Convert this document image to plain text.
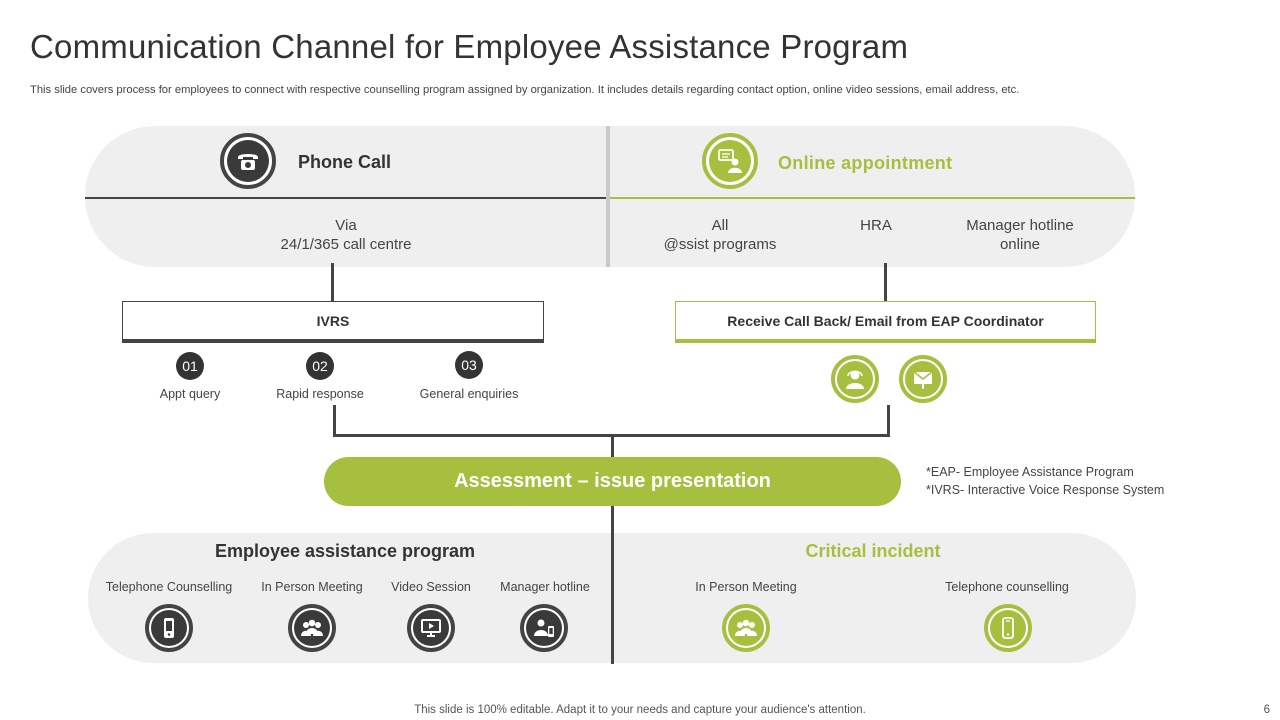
Communication Channel for Employee Assistance Program
This slide covers process for employees to connect with respective counselling program assigned by organization. It includes details regarding contact option, online video sessions, email address, etc.
Phone Call
Via
24/1/365 call centre
Online appointment
All
@ssist programs
HRA	Manager hotline
online
IVRS	Receive Call Back/ Email from EAP Coordinator
01
Appt query
02
Rapid response
03
General enquiries
Assessment – issue presentation	*EAP- Employee Assistance Program
*IVRS- Interactive Voice Response System
Employee assistance program	Critical incident
Telephone Counselling	In Person Meeting	Video Session	Manager hotline	In Person Meeting	Telephone counselling
This slide is 100% editable. Adapt it to your needs and capture your audience's attention.	6
